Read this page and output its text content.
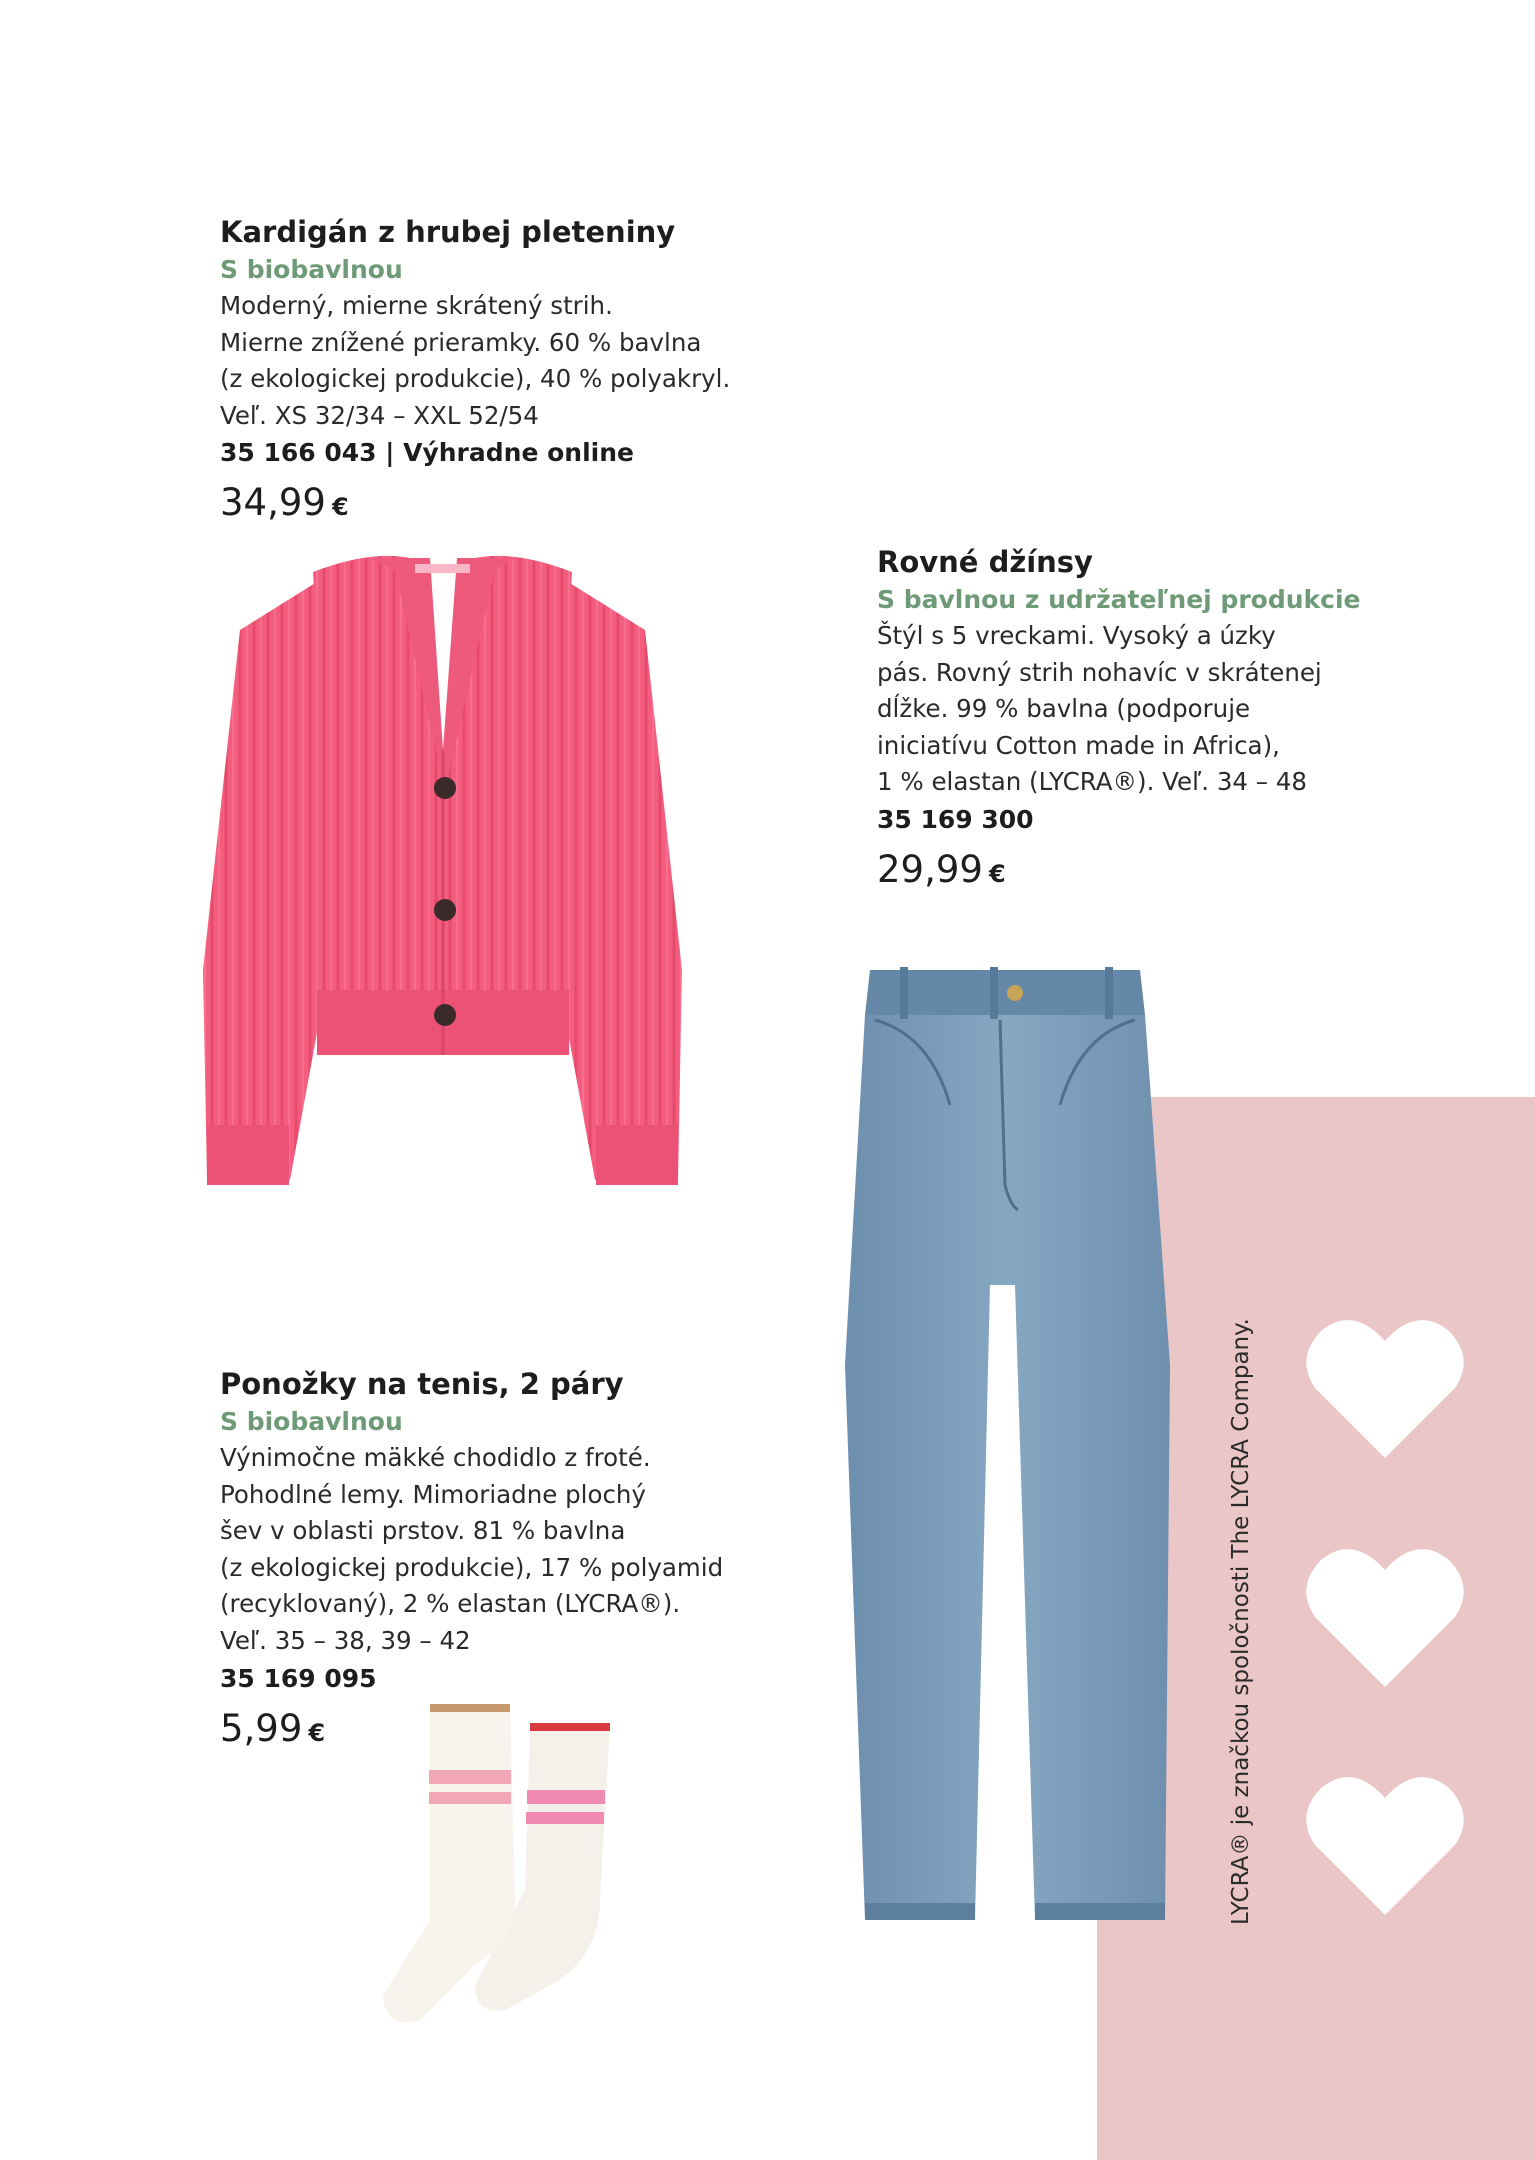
Kardigán z hrubej pleteniny
S biobavlnou
Moderný, mierne skrátený strih.
Mierne znížené prieramky. 60 % bavlna
(z ekologickej produkcie), 40 % polyakryl.
Veľ. XS 32/34 – XXL 52/54
35 166 043 | Výhradne online
34,99 €
Rovné džínsy
S bavlnou z udržateľnej produkcie
Štýl s 5 vreckami. Vysoký a úzky
pás. Rovný strih nohavíc v skrátenej
dĺžke. 99 % bavlna (podporuje
iniciatívu Cotton made in Africa),
1 % elastan (LYCRA®). Veľ. 34 – 48
35 169 300
29,99 €
LYCRA® je značkou spoločnosti The LYCRA Company.
Ponožky na tenis, 2 páry
S biobavlnou
Výnimočne mäkké chodidlo z froté.
Pohodlné lemy. Mimoriadne plochý
šev v oblasti prstov. 81 % bavlna
(z ekologickej produkcie), 17 % polyamid
(recyklovaný), 2 % elastan (LYCRA®).
Veľ. 35 – 38, 39 – 42
35 169 095
5,99 €
